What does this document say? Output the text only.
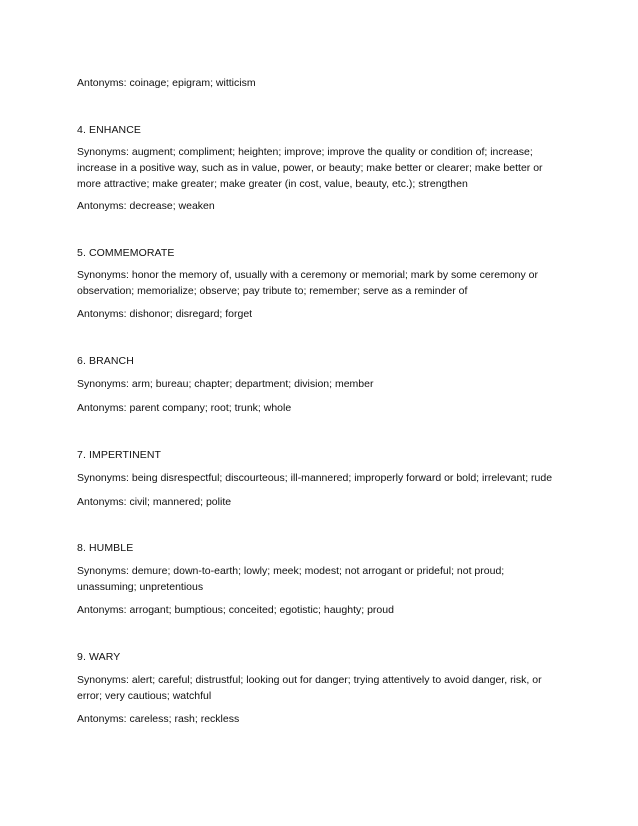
Antonyms: coinage; epigram; witticism

4. ENHANCE

Synonyms: augment; compliment; heighten; improve; improve the quality or condition of; increase;

increase in a positive way, such as in value, power, or beauty; make better or clearer; make better or

more attractive; make greater; make greater (in cost, value, beauty, etc.); strengthen

Antonyms: decrease; weaken

5. COMMEMORATE

Synonyms: honor the memory of, usually with a ceremony or memorial; mark by some ceremony or

observation; memorialize; observe; pay tribute to; remember; serve as a reminder of

Antonyms: dishonor; disregard; forget

6. BRANCH

Synonyms: arm; bureau; chapter; department; division; member

Antonyms: parent company; root; trunk; whole

7. IMPERTINENT

Synonyms: being disrespectful; discourteous; ill-mannered; improperly forward or bold; irrelevant; rude

Antonyms: civil; mannered; polite

8. HUMBLE

Synonyms: demure; down-to-earth; lowly; meek; modest; not arrogant or prideful; not proud;

unassuming; unpretentious

Antonyms: arrogant; bumptious; conceited; egotistic; haughty; proud

9. WARY

Synonyms: alert; careful; distrustful; looking out for danger; trying attentively to avoid danger, risk, or

error; very cautious; watchful

Antonyms: careless; rash; reckless
